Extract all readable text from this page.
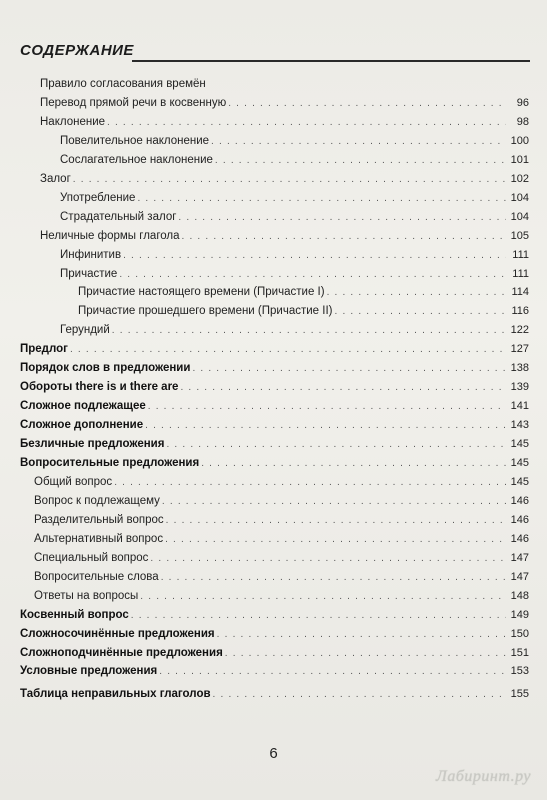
СОДЕРЖАНИЕ
Правило согласования времён
Перевод прямой речи в косвенную . . .	96
Наклонение . . .	98
Повелительное наклонение . . .	100
Сослагательное наклонение . . .	101
Залог . . .	102
Употребление . . .	104
Страдательный залог . . .	104
Неличные формы глагола . . .	105
Инфинитив . . .	111
Причастие . . .	111
Причастие настоящего времени (Причастие I) . . .	114
Причастие прошедшего времени (Причастие II) . . .	116
Герундий . . .	122
Предлог . . .	127
Порядок слов в предложении . . .	138
Обороты there is и there are . . .	139
Сложное подлежащее . . .	141
Сложное дополнение . . .	143
Безличные предложения . . .	145
Вопросительные предложения . . .	145
Общий вопрос . . .	145
Вопрос к подлежащему . . .	146
Разделительный вопрос . . .	146
Альтернативный вопрос . . .	146
Специальный вопрос . . .	147
Вопросительные слова . . .	147
Ответы на вопросы . . .	148
Косвенный вопрос . . .	149
Сложносочинённые предложения . . .	150
Сложноподчинённые предложения . . .	151
Условные предложения . . .	153
Таблица неправильных глаголов . . .	155
6
Лабиринт.ру
